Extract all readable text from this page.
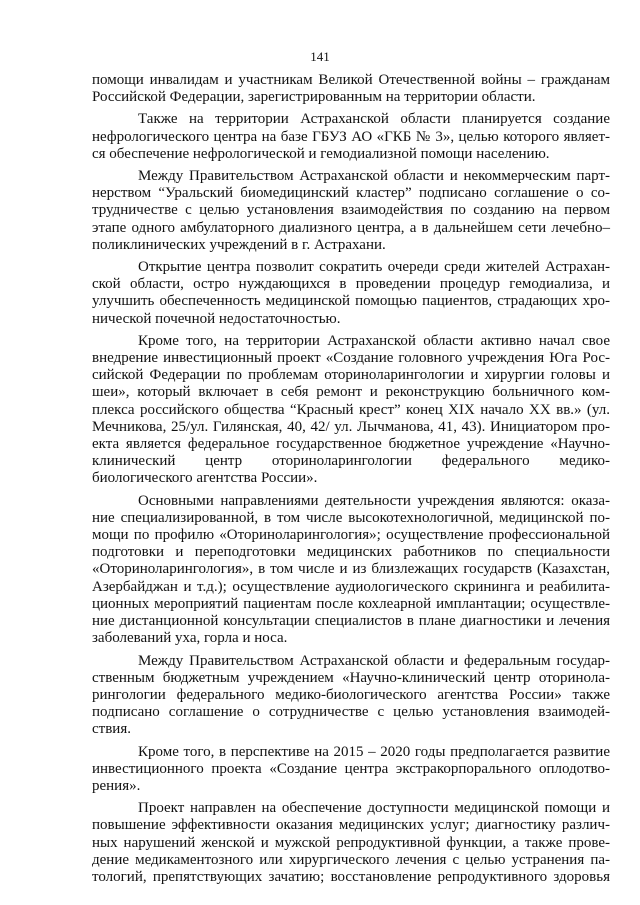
141

помощи инвалидам и участникам Великой Отечественной войны – гражданам
Российской Федерации, зарегистрированным на территории области.

Также на территории Астраханской области планируется создание
нефрологического центра на базе ГБУЗ АО «ГКБ № 3», целью которого являет-
ся обеспечение нефрологической и гемодиализной помощи населению.

Между Правительством Астраханской области и некоммерческим парт-
нерством “Уральский биомедицинский кластер” подписано соглашение о со-
трудничестве с целью установления взаимодействия по созданию на первом
этапе одного амбулаторного диализного центра, а в дальнейшем сети лечебно–
поликлинических учреждений в г. Астрахани.

Открытие центра позволит сократить очереди среди жителей Астрахан-
ской области, остро нуждающихся в проведении процедур гемодиализа, и
улучшить обеспеченность медицинской помощью пациентов, страдающих хро-
нической почечной недостаточностью.

Кроме того, на территории Астраханской области активно начал свое
внедрение инвестиционный проект «Создание головного учреждения Юга Рос-
сийской Федерации по проблемам оториноларингологии и хирургии головы и
шеи», который включает в себя ремонт и реконструкцию больничного ком-
плекса российского общества “Красный крест” конец XIX начало XX вв.» (ул.
Мечникова, 25/ул. Гилянская, 40, 42/ ул. Лычманова, 41, 43). Инициатором про-
екта является федеральное государственное бюджетное учреждение «Научно-
клинический центр оториноларингологии федерального медико-
биологического агентства России».

Основными направлениями деятельности учреждения являются: оказа-
ние специализированной, в том числе высокотехнологичной, медицинской по-
мощи по профилю «Оториноларингология»; осуществление профессиональной
подготовки и переподготовки медицинских работников по специальности
«Оториноларингология», в том числе и из близлежащих государств (Казахстан,
Азербайджан и т.д.); осуществление аудиологического скрининга и реабилита-
ционных мероприятий пациентам после кохлеарной имплантации; осуществле-
ние дистанционной консультации специалистов в плане диагностики и лечения
заболеваний уха, горла и носа.

Между Правительством Астраханской области и федеральным государ-
ственным бюджетным учреждением «Научно-клинический центр оторинола-
рингологии федерального медико-биологического агентства России» также
подписано соглашение о сотрудничестве с целью установления взаимодей-
ствия.

Кроме того, в перспективе на 2015 – 2020 годы предполагается развитие
инвестиционного проекта «Создание центра экстракорпорального оплодотво-
рения».

Проект направлен на обеспечение доступности медицинской помощи и
повышение эффективности оказания медицинских услуг; диагностику различ-
ных нарушений женской и мужской репродуктивной функции, а также прове-
дение медикаментозного или хирургического лечения с целью устранения па-
тологий, препятствующих зачатию; восстановление репродуктивного здоровья
